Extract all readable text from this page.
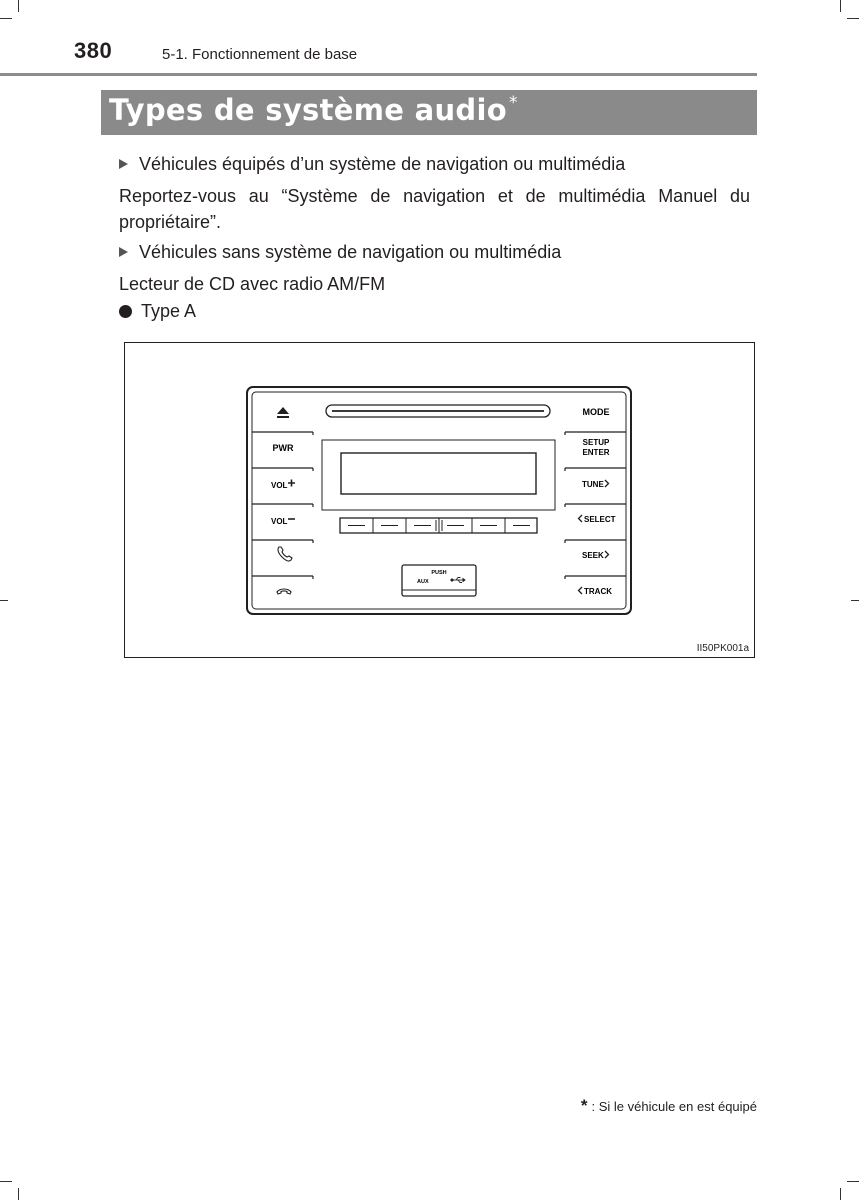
380	5-1. Fonctionnement de base
Types de système audio *
Véhicules équipés d’un système de navigation ou multimédia
Reportez-vous au “Système de navigation et de multimédia Manuel du propriétaire”.
Véhicules sans système de navigation ou multimédia
Lecteur de CD avec radio AM/FM
Type A
PWR
VOL
VOL
MODE
SETUP
ENTER
TUNE
SELECT
SEEK
TRACK
PUSH
AUX
II50PK001a
* : Si le véhicule en est équipé
